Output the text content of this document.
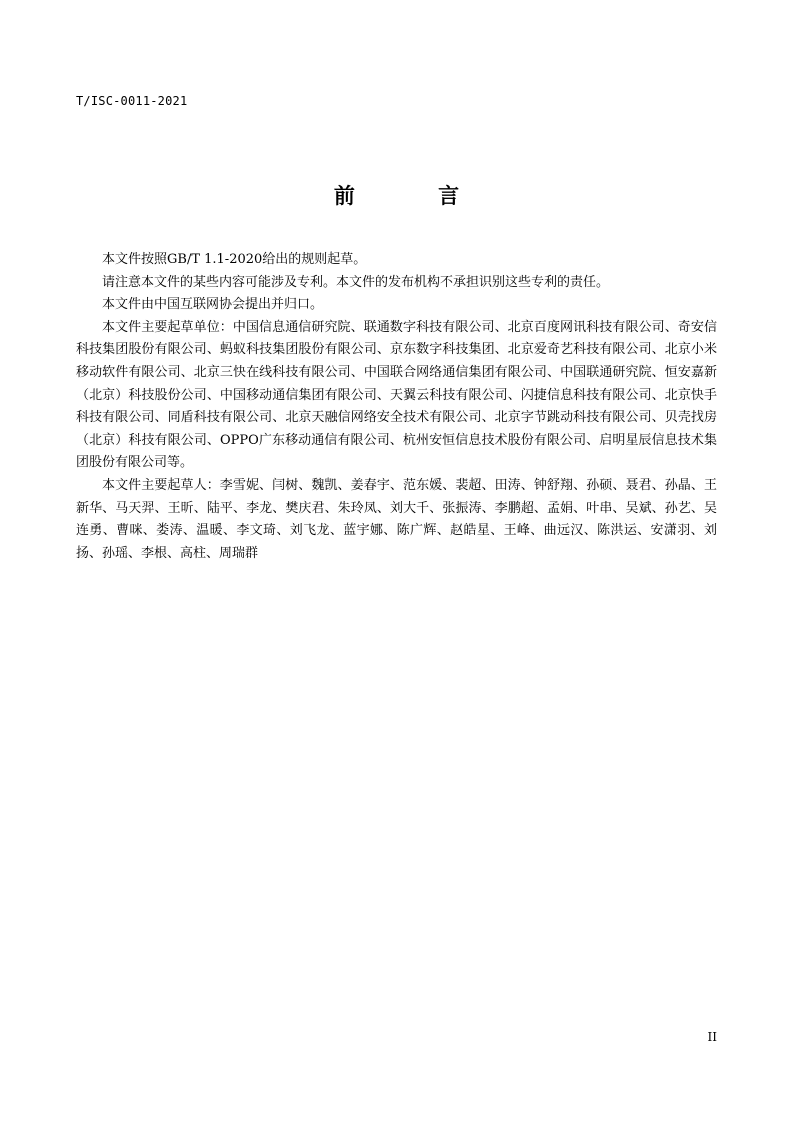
T/ISC-0011-2021
前 言

本文件按照GB/T 1.1-2020给出的规则起草。

请注意本文件的某些内容可能涉及专利。本文件的发布机构不承担识别这些专利的责任。

本文件由中国互联网协会提出并归口。

本文件主要起草单位：中国信息通信研究院、联通数字科技有限公司、北京百度网讯科技有限公司、奇安信科技集团股份有限公司、蚂蚁科技集团股份有限公司、京东数字科技集团、北京爱奇艺科技有限公司、北京小米移动软件有限公司、北京三快在线科技有限公司、中国联合网络通信集团有限公司、中国联通研究院、恒安嘉新（北京）科技股份公司、中国移动通信集团有限公司、天翼云科技有限公司、闪捷信息科技有限公司、北京快手科技有限公司、同盾科技有限公司、北京天融信网络安全技术有限公司、北京字节跳动科技有限公司、贝壳找房（北京）科技有限公司、OPPO广东移动通信有限公司、杭州安恒信息技术股份有限公司、启明星辰信息技术集团股份有限公司等。

本文件主要起草人：李雪妮、闫树、魏凯、姜春宇、范东媛、裴超、田涛、钟舒翔、孙硕、聂君、孙晶、王新华、马天羿、王昕、陆平、李龙、樊庆君、朱玲凤、刘大千、张振涛、李鹏超、孟娟、叶串、吴斌、孙艺、吴连勇、曹咪、娄涛、温暖、李文琦、刘飞龙、蓝宇娜、陈广辉、赵皓星、王峰、曲远汉、陈洪运、安潇羽、刘扬、孙瑶、李根、高柱、周瑞群

II
